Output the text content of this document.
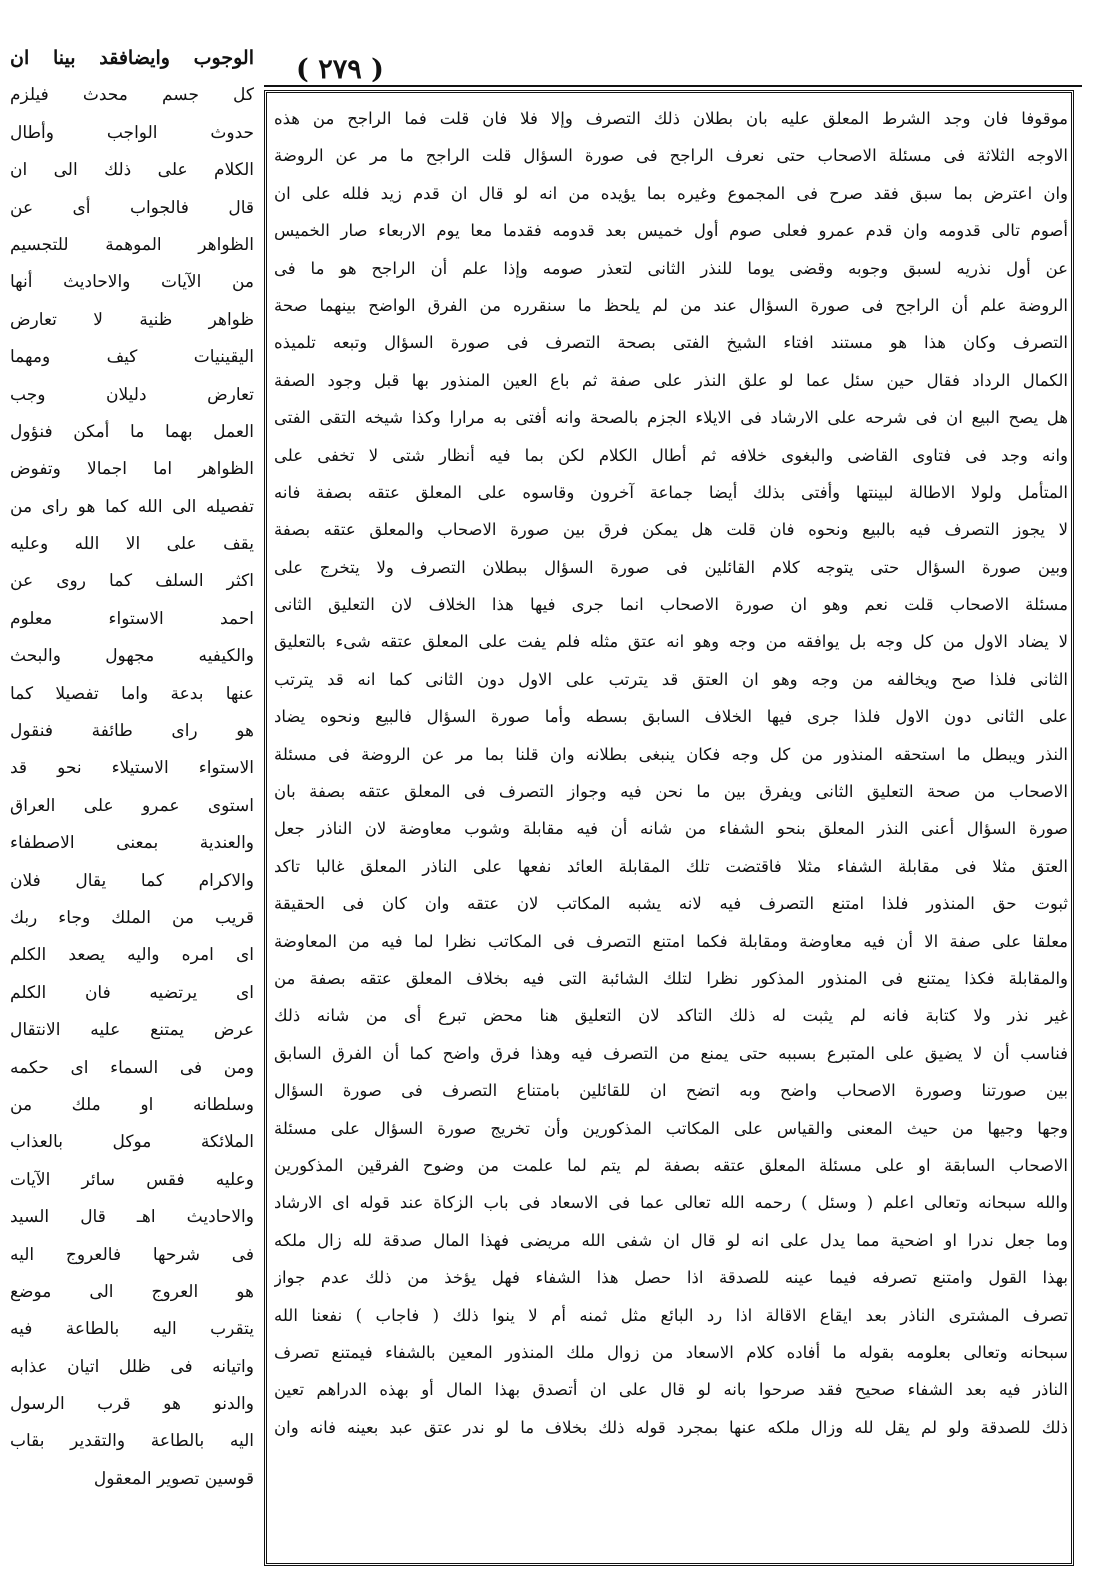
( ٢٧٩ )
الوجوب وايضافقد بينا ان
كل جسم محدث فيلزم
حدوث الواجب وأطال
الكلام على ذلك الى ان
قال فالجواب أى عن
الظواهر الموهمة للتجسيم
من الآيات والاحاديث أنها
ظواهر ظنية لا تعارض
اليقينيات كيف ومهما
تعارض دليلان وجب
العمل بهما ما أمكن فنؤول
الظواهر اما اجمالا وتفوض
تفصيله الى الله كما هو راى من
يقف على الا الله وعليه
اكثر السلف كما روى عن
احمد الاستواء معلوم
والكيفيه مجهول والبحث
عنها بدعة واما تفصيلا كما
هو راى طائفة فنقول
الاستواء الاستيلاء نحو قد
استوى عمرو على العراق
والعندية بمعنى الاصطفاء
والاكرام كما يقال فلان
قريب من الملك وجاء ربك
اى امره واليه يصعد الكلم
اى يرتضيه فان الكلم
عرض يمتنع عليه الانتقال
ومن فى السماء اى حكمه
وسلطانه او ملك من
الملائكة موكل بالعذاب
وعليه فقس سائر الآيات
والاحاديث اهـ قال السيد
فى شرحها فالعروج اليه
هو العروج الى موضع
يتقرب اليه بالطاعة فيه
واتيانه فى ظلل اتيان عذابه
والدنو هو قرب الرسول
اليه بالطاعة والتقدير بقاب
قوسين تصوير المعقول
موقوفا فان وجد الشرط المعلق عليه بان بطلان ذلك التصرف وإلا فلا فان قلت فما الراجح من هذه
الاوجه الثلاثة فى مسئلة الاصحاب حتى نعرف الراجح فى صورة السؤال قلت الراجح ما مر عن الروضة
وان اعترض بما سبق فقد صرح فى المجموع وغيره بما يؤيده من انه لو قال ان قدم زيد فلله على ان
أصوم تالى قدومه وان قدم عمرو فعلى صوم أول خميس بعد قدومه فقدما معا يوم الاربعاء صار الخميس
عن أول نذريه لسبق وجوبه وقضى يوما للنذر الثانى لتعذر صومه وإذا علم أن الراجح هو ما فى
الروضة علم أن الراجح فى صورة السؤال عند من لم يلحظ ما سنقرره من الفرق الواضح بينهما صحة
التصرف وكان هذا هو مستند افتاء الشيخ الفتى بصحة التصرف فى صورة السؤال وتبعه تلميذه
الكمال الرداد فقال حين سئل عما لو علق النذر على صفة ثم باع العين المنذور بها قبل وجود الصفة
هل يصح البيع ان فى شرحه على الارشاد فى الايلاء الجزم بالصحة وانه أفتى به مرارا وكذا شيخه التقى الفتى
وانه وجد فى فتاوى القاضى والبغوى خلافه ثم أطال الكلام لكن بما فيه أنظار شتى لا تخفى على
المتأمل ولولا الاطالة لبينتها وأفتى بذلك أيضا جماعة آخرون وقاسوه على المعلق عتقه بصفة فانه
لا يجوز التصرف فيه بالبيع ونحوه فان قلت هل يمكن فرق بين صورة الاصحاب والمعلق عتقه بصفة
وبين صورة السؤال حتى يتوجه كلام القائلين فى صورة السؤال ببطلان التصرف ولا يتخرج على
مسئلة الاصحاب قلت نعم وهو ان صورة الاصحاب انما جرى فيها هذا الخلاف لان التعليق الثانى
لا يضاد الاول من كل وجه بل يوافقه من وجه وهو انه عتق مثله فلم يفت على المعلق عتقه شىء بالتعليق
الثانى فلذا صح ويخالفه من وجه وهو ان العتق قد يترتب على الاول دون الثانى كما انه قد يترتب
على الثانى دون الاول فلذا جرى فيها الخلاف السابق بسطه وأما صورة السؤال فالبيع ونحوه يضاد
النذر ويبطل ما استحقه المنذور من كل وجه فكان ينبغى بطلانه وان قلنا بما مر عن الروضة فى مسئلة
الاصحاب من صحة التعليق الثانى ويفرق بين ما نحن فيه وجواز التصرف فى المعلق عتقه بصفة بان
صورة السؤال أعنى النذر المعلق بنحو الشفاء من شانه أن فيه مقابلة وشوب معاوضة لان الناذر جعل
العتق مثلا فى مقابلة الشفاء مثلا فاقتضت تلك المقابلة العائد نفعها على الناذر المعلق غالبا تاكد
ثبوت حق المنذور فلذا امتنع التصرف فيه لانه يشبه المكاتب لان عتقه وان كان فى الحقيقة
معلقا على صفة الا أن فيه معاوضة ومقابلة فكما امتنع التصرف فى المكاتب نظرا لما فيه من المعاوضة
والمقابلة فكذا يمتنع فى المنذور المذكور نظرا لتلك الشائبة التى فيه بخلاف المعلق عتقه بصفة من
غير نذر ولا كتابة فانه لم يثبت له ذلك التاكد لان التعليق هنا محض تبرع أى من شانه ذلك
فناسب أن لا يضيق على المتبرع بسببه حتى يمنع من التصرف فيه وهذا فرق واضح كما أن الفرق السابق
بين صورتنا وصورة الاصحاب واضح وبه اتضح ان للقائلين بامتناع التصرف فى صورة السؤال
وجها وجيها من حيث المعنى والقياس على المكاتب المذكورين وأن تخريج صورة السؤال على مسئلة
الاصحاب السابقة او على مسئلة المعلق عتقه بصفة لم يتم لما علمت من وضوح الفرقين المذكورين
والله سبحانه وتعالى اعلم ( وسئل ) رحمه الله تعالى عما فى الاسعاد فى باب الزكاة عند قوله اى الارشاد
وما جعل ندرا او اضحية مما يدل على انه لو قال ان شفى الله مريضى فهذا المال صدقة لله زال ملكه
بهذا القول وامتنع تصرفه فيما عينه للصدقة اذا حصل هذا الشفاء فهل يؤخذ من ذلك عدم جواز
تصرف المشترى الناذر بعد ايقاع الاقالة اذا رد البائع مثل ثمنه أم لا ينوا ذلك ( فاجاب ) نفعنا الله
سبحانه وتعالى بعلومه بقوله ما أفاده كلام الاسعاد من زوال ملك المنذور المعين بالشفاء فيمتنع تصرف
الناذر فيه بعد الشفاء صحيح فقد صرحوا بانه لو قال على ان أتصدق بهذا المال أو بهذه الدراهم تعين
ذلك للصدقة ولو لم يقل لله وزال ملكه عنها بمجرد قوله ذلك بخلاف ما لو ندر عتق عبد بعينه فانه وان
